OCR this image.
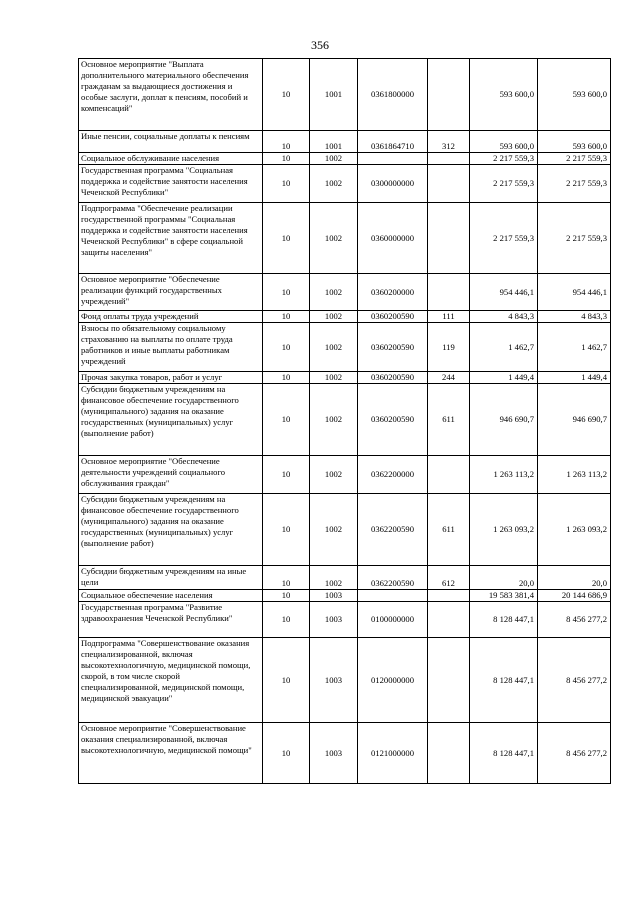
356
Основное мероприятие "Выплата дополнительного материального обеспечения гражданам за выдающиеся достижения и особые заслуги, доплат к пенсиям, пособий и компенсаций"	10	1001	0361800000		593 600,0	593 600,0
Иные пенсии, социальные доплаты к пенсиям	10	1001	0361864710	312	593 600,0	593 600,0
Социальное обслуживание населения	10	1002			2 217 559,3	2 217 559,3
Государственная программа "Социальная поддержка и содействие занятости населения Чеченской Республики"	10	1002	0300000000		2 217 559,3	2 217 559,3
Подпрограмма "Обеспечение реализации государственной программы "Социальная поддержка и содействие занятости населения Чеченской Республики" в сфере социальной защиты населения"	10	1002	0360000000		2 217 559,3	2 217 559,3
Основное мероприятие "Обеспечение реализации функций государственных учреждений"	10	1002	0360200000		954 446,1	954 446,1
Фонд оплаты труда учреждений	10	1002	0360200590	111	4 843,3	4 843,3
Взносы по обязательному социальному страхованию на выплаты по оплате труда работников и иные выплаты работникам учреждений	10	1002	0360200590	119	1 462,7	1 462,7
Прочая закупка товаров, работ и услуг	10	1002	0360200590	244	1 449,4	1 449,4
Субсидии бюджетным учреждениям на финансовое обеспечение государственного (муниципального) задания на оказание государственных (муниципальных) услуг (выполнение работ)	10	1002	0360200590	611	946 690,7	946 690,7
Основное мероприятие "Обеспечение деятельности учреждений социального обслуживания граждан"	10	1002	0362200000		1 263 113,2	1 263 113,2
Субсидии бюджетным учреждениям на финансовое обеспечение государственного (муниципального) задания на оказание государственных (муниципальных) услуг (выполнение работ)	10	1002	0362200590	611	1 263 093,2	1 263 093,2
Субсидии бюджетным учреждениям на иные цели	10	1002	0362200590	612	20,0	20,0
Социальное обеспечение населения	10	1003			19 583 381,4	20 144 686,9
Государственная программа "Развитие здравоохранения Чеченской Республики"	10	1003	0100000000		8 128 447,1	8 456 277,2
Подпрограмма "Совершенствование оказания специализированной, включая высокотехнологичную, медицинской помощи, скорой, в том числе скорой специализированной, медицинской помощи, медицинской эвакуации"	10	1003	0120000000		8 128 447,1	8 456 277,2
Основное мероприятие "Совершенствование оказания специализированной, включая высокотехнологичную, медицинской помощи"	10	1003	0121000000		8 128 447,1	8 456 277,2
